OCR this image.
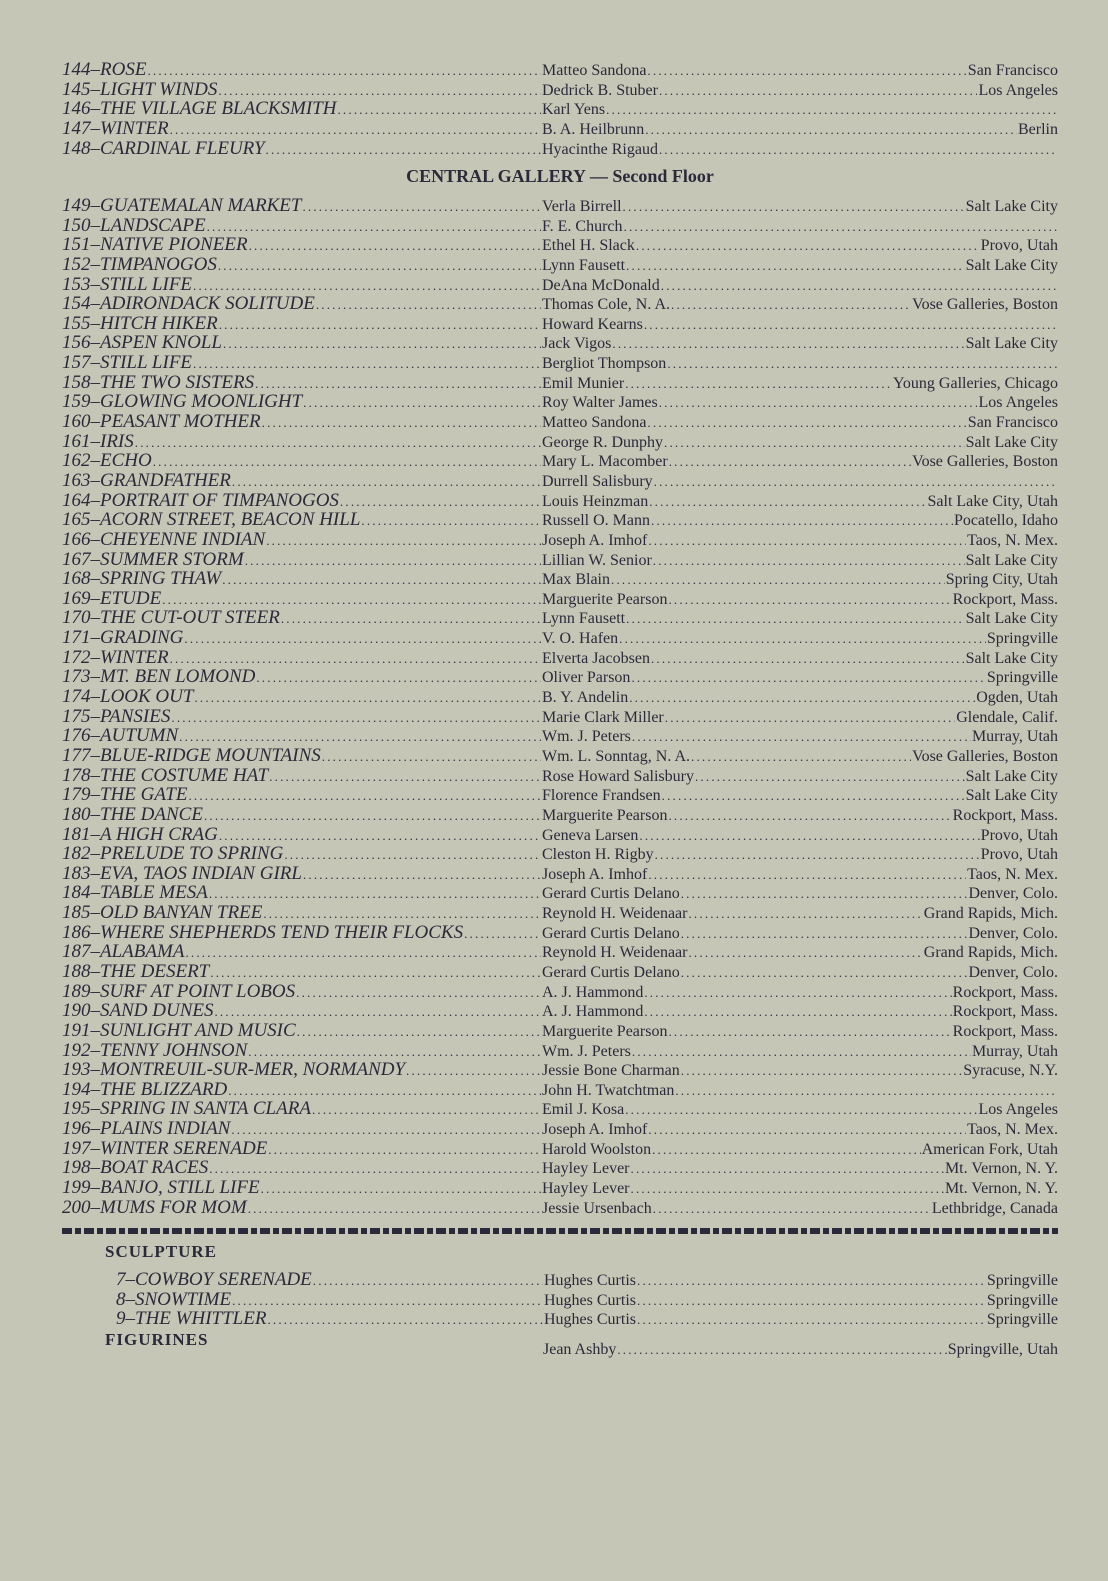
144–ROSE .....	Matteo Sandona .....	San Francisco
145–LIGHT WINDS .....	Dedrick B. Stuber .....	Los Angeles
146–THE VILLAGE BLACKSMITH .....	Karl Yens
.....
147–WINTER .....	B. A. Heilbrunn .....	Berlin
148–CARDINAL FLEURY .....	Hyacinthe Rigaud
.....
CENTRAL GALLERY — Second Floor
149–GUATEMALAN MARKET .....	Verla Birrell .....	Salt Lake City
150–LANDSCAPE .....	F. E. Church
.....
151–NATIVE PIONEER .....	Ethel H. Slack .....	Provo, Utah
152–TIMPANOGOS .....	Lynn Fausett .....	Salt Lake City
153–STILL LIFE .....	DeAna McDonald
.....
154–ADIRONDACK SOLITUDE .....	Thomas Cole, N. A. .....	Vose Galleries, Boston
155–HITCH HIKER .....	Howard Kearns
.....
156–ASPEN KNOLL .....	Jack Vigos .....	Salt Lake City
157–STILL LIFE .....	Bergliot Thompson
.....
158–THE TWO SISTERS .....	Emil Munier .....	Young Galleries, Chicago
159–GLOWING MOONLIGHT .....	Roy Walter James .....	Los Angeles
160–PEASANT MOTHER .....	Matteo Sandona .....	San Francisco
161–IRIS .....	George R. Dunphy .....	Salt Lake City
162–ECHO .....	Mary L. Macomber .....	Vose Galleries, Boston
163–GRANDFATHER .....	Durrell Salisbury
.....
164–PORTRAIT OF TIMPANOGOS .....	Louis Heinzman .....	Salt Lake City, Utah
165–ACORN STREET, BEACON HILL .....	Russell O. Mann .....	Pocatello, Idaho
166–CHEYENNE INDIAN .....	Joseph A. Imhof .....	Taos, N. Mex.
167–SUMMER STORM .....	Lillian W. Senior .....	Salt Lake City
168–SPRING THAW .....	Max Blain .....	Spring City, Utah
169–ETUDE .....	Marguerite Pearson .....	Rockport, Mass.
170–THE CUT-OUT STEER .....	Lynn Fausett .....	Salt Lake City
171–GRADING .....	V. O. Hafen .....	Springville
172–WINTER .....	Elverta Jacobsen .....	Salt Lake City
173–MT. BEN LOMOND .....	Oliver Parson .....	Springville
174–LOOK OUT .....	B. Y. Andelin .....	Ogden, Utah
175–PANSIES .....	Marie Clark Miller .....	Glendale, Calif.
176–AUTUMN .....	Wm. J. Peters .....	Murray, Utah
177–BLUE-RIDGE MOUNTAINS .....	Wm. L. Sonntag, N. A. .....	Vose Galleries, Boston
178–THE COSTUME HAT .....	Rose Howard Salisbury .....	Salt Lake City
179–THE GATE .....	Florence Frandsen .....	Salt Lake City
180–THE DANCE .....	Marguerite Pearson .....	Rockport, Mass.
181–A HIGH CRAG .....	Geneva Larsen .....	Provo, Utah
182–PRELUDE TO SPRING .....	Cleston H. Rigby .....	Provo, Utah
183–EVA, TAOS INDIAN GIRL .....	Joseph A. Imhof .....	Taos, N. Mex.
184–TABLE MESA .....	Gerard Curtis Delano .....	Denver, Colo.
185–OLD BANYAN TREE .....	Reynold H. Weidenaar .....	Grand Rapids, Mich.
186–WHERE SHEPHERDS TEND THEIR FLOCKS .....	Gerard Curtis Delano .....	Denver, Colo.
187–ALABAMA .....	Reynold H. Weidenaar .....	Grand Rapids, Mich.
188–THE DESERT .....	Gerard Curtis Delano .....	Denver, Colo.
189–SURF AT POINT LOBOS .....	A. J. Hammond .....	Rockport, Mass.
190–SAND DUNES .....	A. J. Hammond .....	Rockport, Mass.
191–SUNLIGHT AND MUSIC .....	Marguerite Pearson .....	Rockport, Mass.
192–TENNY JOHNSON .....	Wm. J. Peters .....	Murray, Utah
193–MONTREUIL-SUR-MER, NORMANDY .....	Jessie Bone Charman .....	Syracuse, N.Y.
194–THE BLIZZARD .....	John H. Twatchtman
.....
195–SPRING IN SANTA CLARA .....	Emil J. Kosa .....	Los Angeles
196–PLAINS INDIAN .....	Joseph A. Imhof .....	Taos, N. Mex.
197–WINTER SERENADE .....	Harold Woolston .....	American Fork, Utah
198–BOAT RACES .....	Hayley Lever .....	Mt. Vernon, N. Y.
199–BANJO, STILL LIFE .....	Hayley Lever .....	Mt. Vernon, N. Y.
200–MUMS FOR MOM .....	Jessie Ursenbach .....	Lethbridge, Canada
SCULPTURE
7–COWBOY SERENADE .....	Hughes Curtis .....	Springville
8–SNOWTIME .....	Hughes Curtis .....	Springville
9–THE WHITTLER .....	Hughes Curtis .....	Springville
FIGURINES
Jean Ashby .....	Springville, Utah
